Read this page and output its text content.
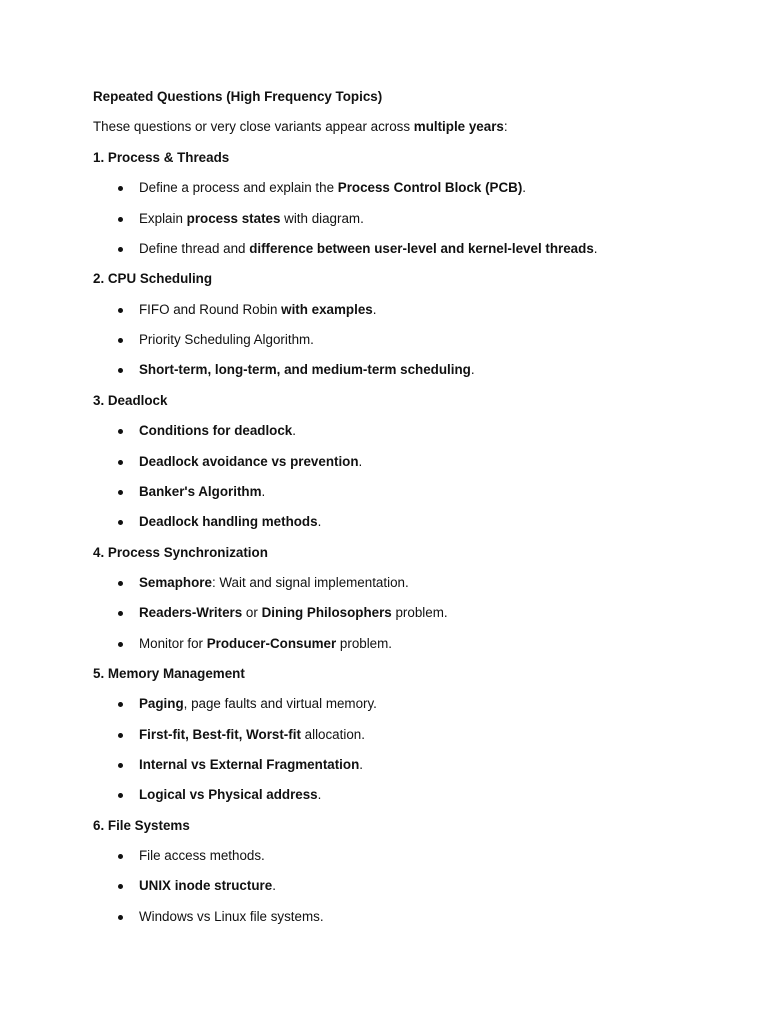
Repeated Questions (High Frequency Topics)
These questions or very close variants appear across multiple years:
1. Process & Threads
Define a process and explain the Process Control Block (PCB).
Explain process states with diagram.
Define thread and difference between user-level and kernel-level threads.
2. CPU Scheduling
FIFO and Round Robin with examples.
Priority Scheduling Algorithm.
Short-term, long-term, and medium-term scheduling.
3. Deadlock
Conditions for deadlock.
Deadlock avoidance vs prevention.
Banker's Algorithm.
Deadlock handling methods.
4. Process Synchronization
Semaphore: Wait and signal implementation.
Readers-Writers or Dining Philosophers problem.
Monitor for Producer-Consumer problem.
5. Memory Management
Paging, page faults and virtual memory.
First-fit, Best-fit, Worst-fit allocation.
Internal vs External Fragmentation.
Logical vs Physical address.
6. File Systems
File access methods.
UNIX inode structure.
Windows vs Linux file systems.
